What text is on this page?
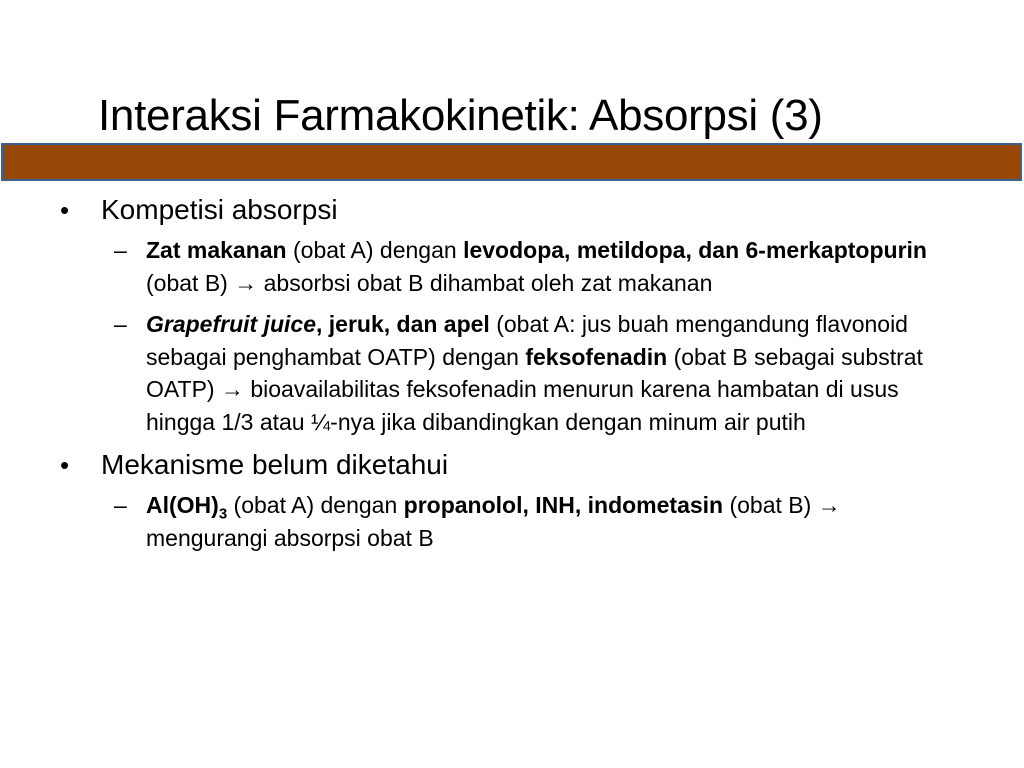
Interaksi Farmakokinetik: Absorpsi (3)
• Kompetisi absorpsi
– Zat makanan (obat A) dengan levodopa, metildopa, dan 6-merkaptopurin (obat B) → absorbsi obat B dihambat oleh zat makanan
– Grapefruit juice, jeruk, dan apel (obat A: jus buah mengandung flavonoid sebagai penghambat OATP) dengan feksofenadin (obat B sebagai substrat OATP) → bioavailabilitas feksofenadin menurun karena hambatan di usus hingga 1/3 atau ¼-nya jika dibandingkan dengan minum air putih
• Mekanisme belum diketahui
– $Al(OH)_3$ (obat A) dengan propanolol, INH, indometasin (obat B) → mengurangi absorpsi obat B
